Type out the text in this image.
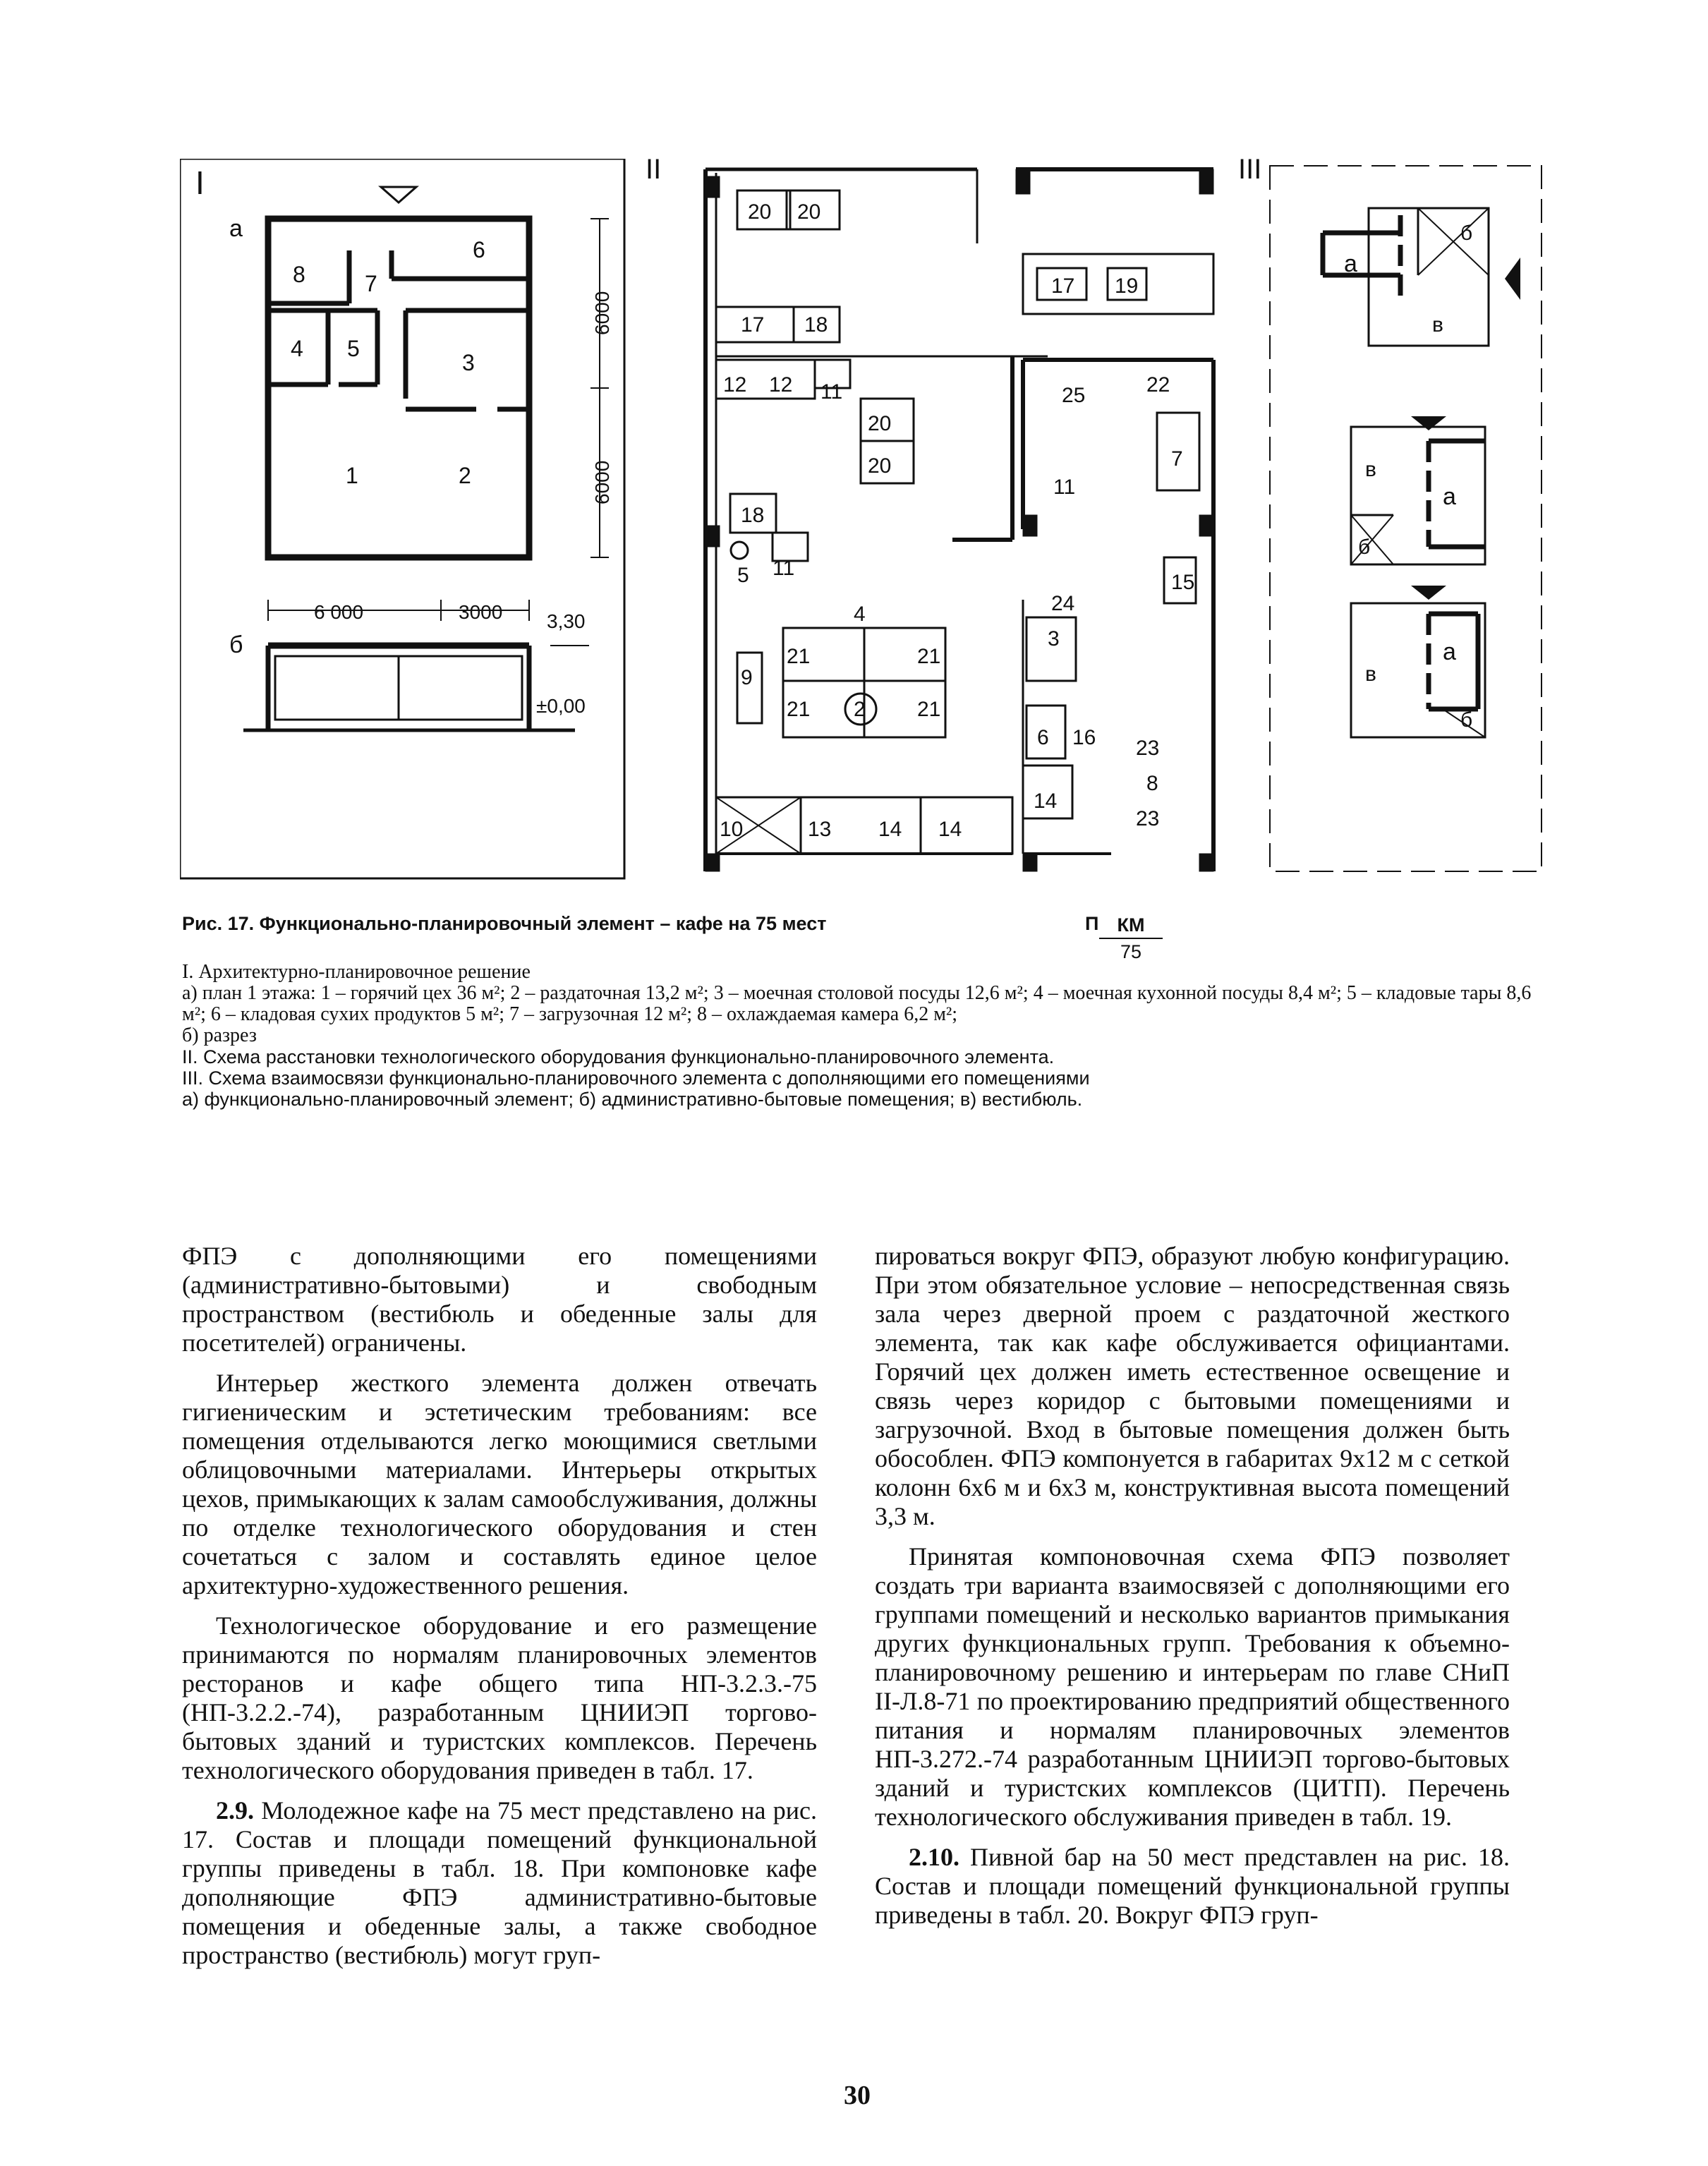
I
а
8	7
6
4 5
3
1	2
6000
6000
6 000	3000
б
3,30
±0,00
II
20 20
17 18
12 12 11
20
20
18
5 11
4
9
21	21
21	21
2
10	13 14 14
17 19
22
25
11
7
15
24
3
16
6
14
23
8
23
III
а
б
в
в
а
б
в
а
б
Рис. 17. Функционально-планировочный элемент – кафе на 75 мест	П КМ
75
I. Архитектурно-планировочное решение
а) план 1 этажа: 1 – горячий цех 36 м²; 2 – раздаточная 13,2 м²; 3 – моечная столовой посуды 12,6 м²; 4 – моечная кухонной посуды 8,4 м²; 5 – кладовые тары 8,6 м²; 6 – кладовая сухих продуктов 5 м²; 7 – загрузочная 12 м²; 8 – охлаждаемая камера 6,2 м²;
б) разрез
II. Схема расстановки технологического оборудования функционально-планировочного элемента.
III. Схема взаимосвязи функционально-планировочного элемента с дополняющими его помещениями
а) функционально-планировочный элемент; б) административно-бытовые помещения; в) вестибюль.

ФПЭ с дополняющими его помещениями (административно-бытовыми) и свободным пространством (вестибюль и обеденные залы для посетителей) ограничены.

Интерьер жесткого элемента должен отвечать гигиеническим и эстетическим требованиям: все помещения отделываются легко моющимися светлыми облицовочными материалами. Интерьеры открытых цехов, примыкающих к залам самообслуживания, должны по отделке технологического оборудования и стен сочетаться с залом и составлять единое целое архитектурно-художественного решения.

Технологическое оборудование и его размещение принимаются по нормалям планировочных элементов ресторанов и кафе общего типа НП-3.2.3.-75 (НП-3.2.2.-74), разработанным ЦНИИЭП торгово-бытовых зданий и туристских комплексов. Перечень технологического оборудования приведен в табл. 17.

2.9. Молодежное кафе на 75 мест представлено на рис. 17. Состав и площади помещений функциональной группы приведены в табл. 18. При компоновке кафе дополняющие ФПЭ административно-бытовые помещения и обеденные залы, а также свободное пространство (вестибюль) могут груп-

пироваться вокруг ФПЭ, образуют любую конфигурацию. При этом обязательное условие – непосредственная связь зала через дверной проем с раздаточной жесткого элемента, так как кафе обслуживается официантами. Горячий цех должен иметь естественное освещение и связь через коридор с бытовыми помещениями и загрузочной. Вход в бытовые помещения должен быть обособлен. ФПЭ компонуется в габаритах 9х12 м с сеткой колонн 6х6 м и 6х3 м, конструктивная высота помещений 3,3 м.

Принятая компоновочная схема ФПЭ позволяет создать три варианта взаимосвязей с дополняющими его группами помещений и несколько вариантов примыкания других функциональных групп. Требования к объемно-планировочному решению и интерьерам по главе СНиП II-Л.8-71 по проектированию предприятий общественного питания и нормалям планировочных элементов НП-3.272.-74 разработанным ЦНИИЭП торгово-бытовых зданий и туристских комплексов (ЦИТП). Перечень технологического обслуживания приведен в табл. 19.

2.10. Пивной бар на 50 мест представлен на рис. 18. Состав и площади помещений функциональной группы приведены в табл. 20. Вокруг ФПЭ груп-

30
